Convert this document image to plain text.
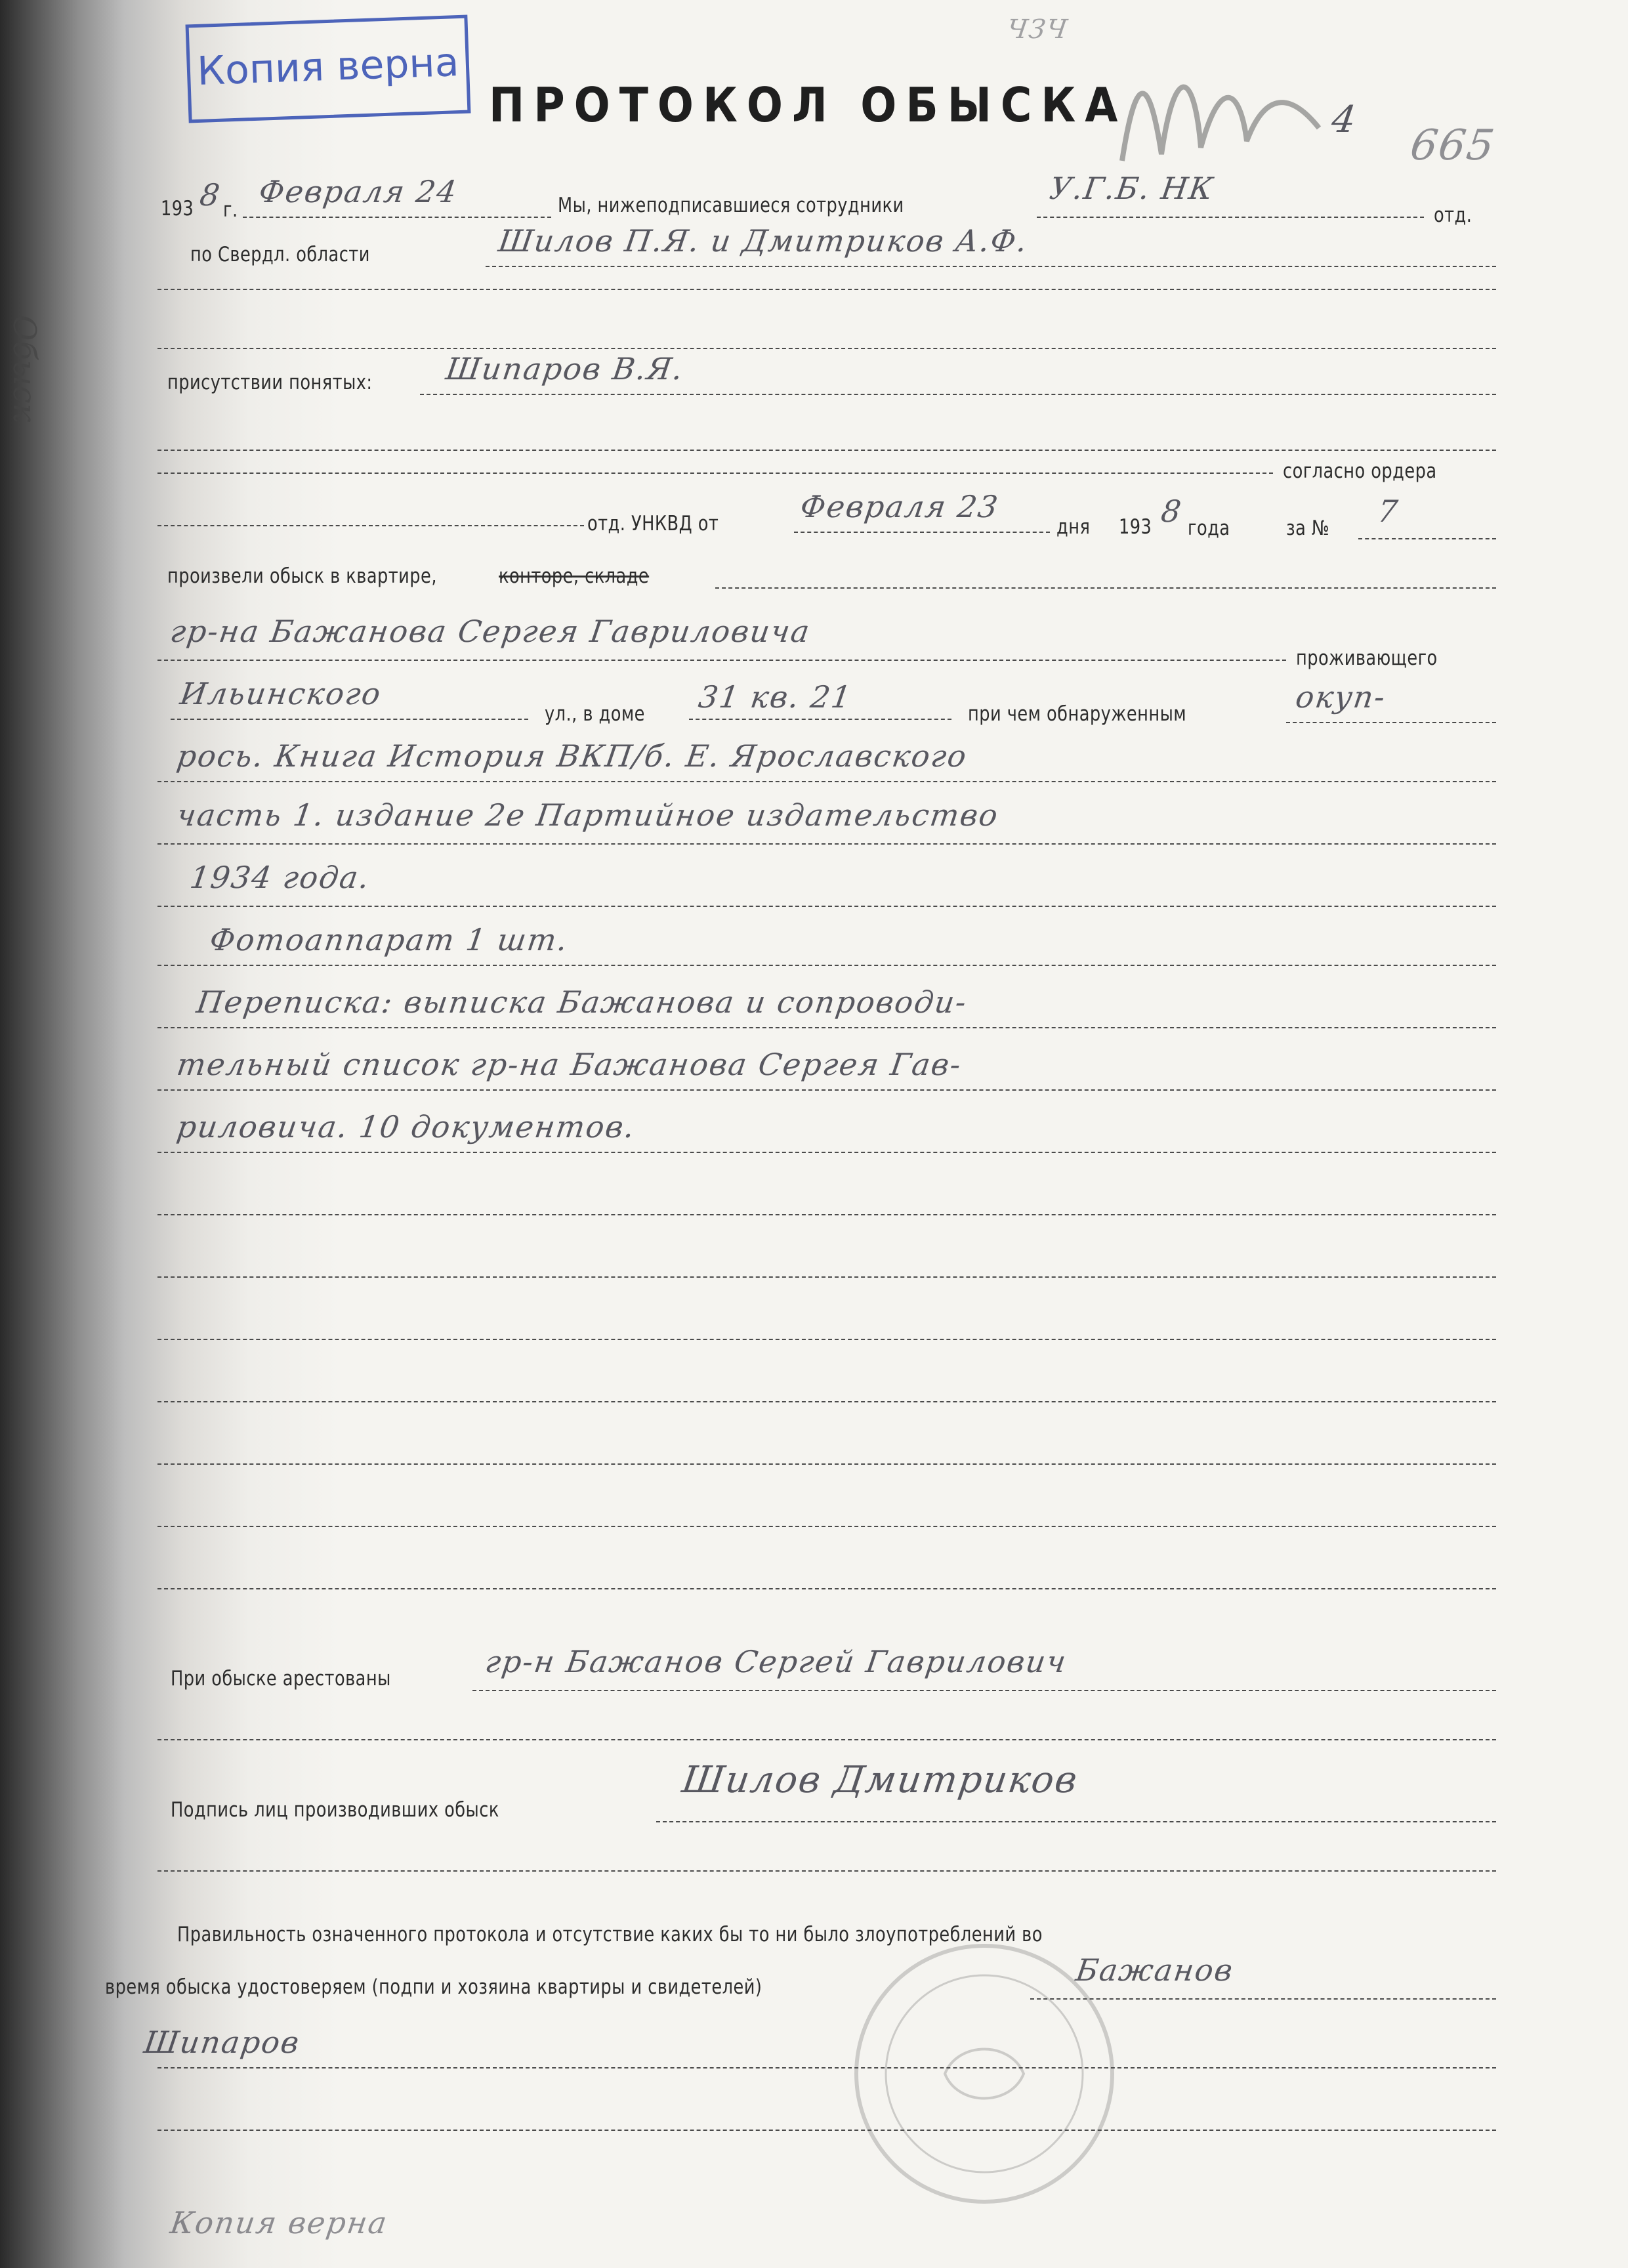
Копия верна
ЧЗЧ
4
665
ПРОТОКОЛ ОБЫСКА
Обыск
193 8 г.
Февраля 24	Мы, нижеподписавшиеся сотрудники	У.Г.Б. НК
отд.
по Свердл. области	Шилов П.Я. и Дмитриков А.Ф.
присутствии понятых: Шипаров В.Я.
согласно ордера
отд. УНКВД от	Февраля 23
дня 193 8 года	за № 7
произвели обыск в квартире,	конторе, складе
гр-на Бажанова Сергея Гавриловича
проживающего
Ильинского
ул., в доме 31 кв. 21	при чем обнаруженным	окуп-
рось. Книга История ВКП/б. Е. Ярославского
часть 1. издание 2е Партийное издательство
1934 года.
Фотоаппарат 1 шт.
Переписка: выписка Бажанова и сопроводи-
тельный список гр-на Бажанова Сергея Гав-
риловича. 10 документов.
При обыске арестованы	гр-н Бажанов Сергей Гаврилович
Подпись лиц производивших обыск
Шилов Дмитриков
Правильность означенного протокола и отсутствие каких бы то ни было злоупотреблений во
время обыска удостоверяем (подпи и хозяина квартиры и свидетелей)	Бажанов
Шипаров
Копия верна
